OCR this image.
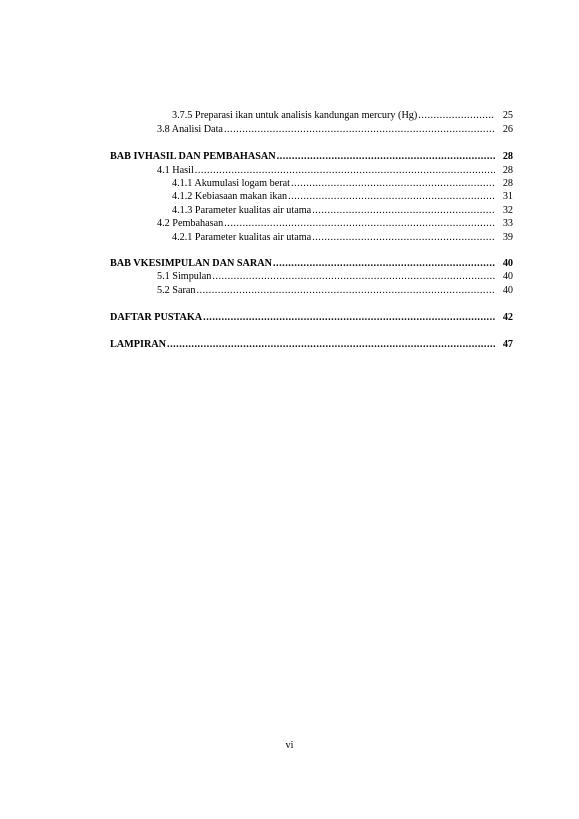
3.7.5 Preparasi ikan untuk analisis kandungan mercury (Hg) .....	25
3.8 Analisi Data .....	26
BAB IV HASIL DAN PEMBAHASAN .....	28
4.1 Hasil .....	28
4.1.1 Akumulasi logam berat .....	28
4.1.2 Kebiasaan makan ikan .....	31
4.1.3 Parameter kualitas air utama .....	32
4.2 Pembahasan .....	33
4.2.1 Parameter kualitas air utama .....	39
BAB V KESIMPULAN DAN SARAN .....	40
5.1 Simpulan .....	40
5.2 Saran .....	40
DAFTAR PUSTAKA .....	42
LAMPIRAN .....	47
vi
